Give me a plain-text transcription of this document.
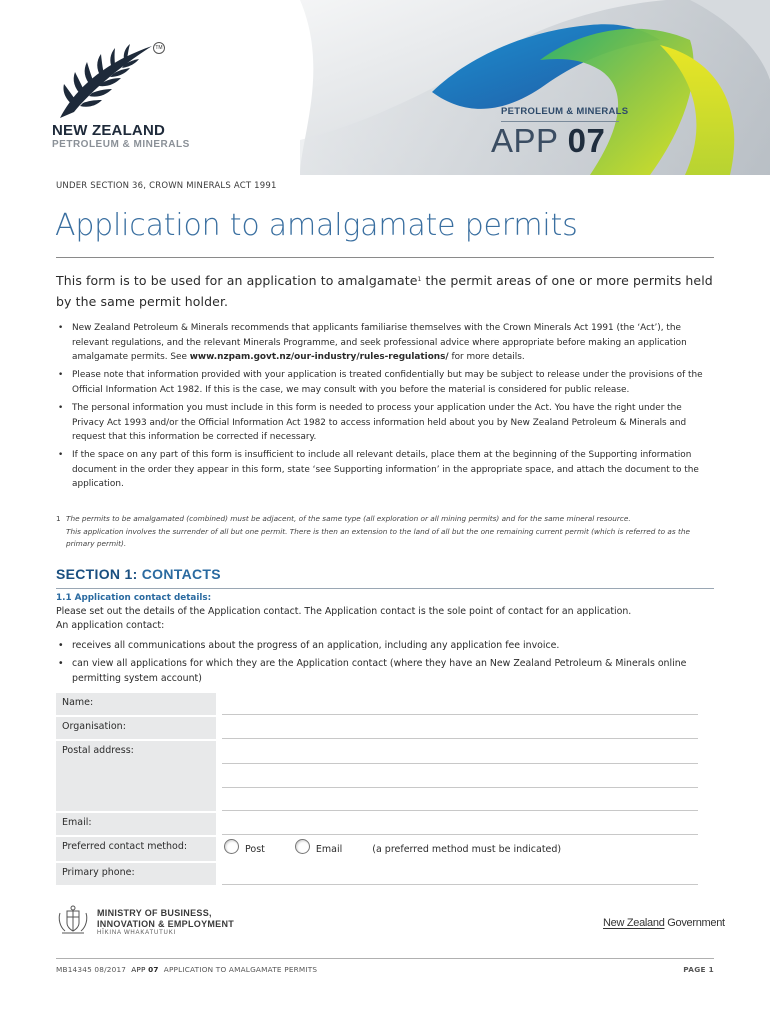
TM
NEW ZEALAND
PETROLEUM & MINERALS
PETROLEUM & MINERALS
APP 07
UNDER SECTION 36, CROWN MINERALS ACT 1991
Application to amalgamate permits

This form is to be used for an application to amalgamate$^1$ the permit areas of one or more permits held by the same permit holder.

• New Zealand Petroleum & Minerals recommends that applicants familiarise themselves with the Crown Minerals Act 1991 (the ‘Act’), the relevant regulations, and the relevant Minerals Programme, and seek professional advice where appropriate before making an application amalgamate permits. See www.nzpam.govt.nz/our-industry/rules-regulations/ for more details.
• Please note that information provided with your application is treated confidentially but may be subject to release under the provisions of the Official Information Act 1982. If this is the case, we may consult with you before the material is considered for public release.
• The personal information you must include in this form is needed to process your application under the Act. You have the right under the Privacy Act 1993 and/or the Official Information Act 1982 to access information held about you by New Zealand Petroleum & Minerals and request that this information be corrected if necessary.
• If the space on any part of this form is insufficient to include all relevant details, place them at the beginning of the Supporting information document in the order they appear in this form, state ‘see Supporting information’ in the appropriate space, and attach the document to the application.
1 The permits to be amalgamated (combined) must be adjacent, of the same type (all exploration or all mining permits) and for the same mineral resource.
This application involves the surrender of all but one permit. There is then an extension to the land of all but the one remaining current permit (which is referred to as the primary permit).
SECTION 1: CONTACTS
1.1 Application contact details:
Please set out the details of the Application contact. The Application contact is the sole point of contact for an application.
An application contact:
• receives all communications about the progress of an application, including any application fee invoice.
• can view all applications for which they are the Application contact (where they have an New Zealand Petroleum & Minerals online permitting system account)
Name:
Organisation:
Postal address:
Email:
Preferred contact method:	Post	Email	(a preferred method must be indicated)
Primary phone:
MINISTRY OF BUSINESS,
INNOVATION & EMPLOYMENT
HĪKINA WHAKATUTUKI
New Zealand Government
MB14345 08/2017 APP 07 APPLICATION TO AMALGAMATE PERMITS	PAGE 1
